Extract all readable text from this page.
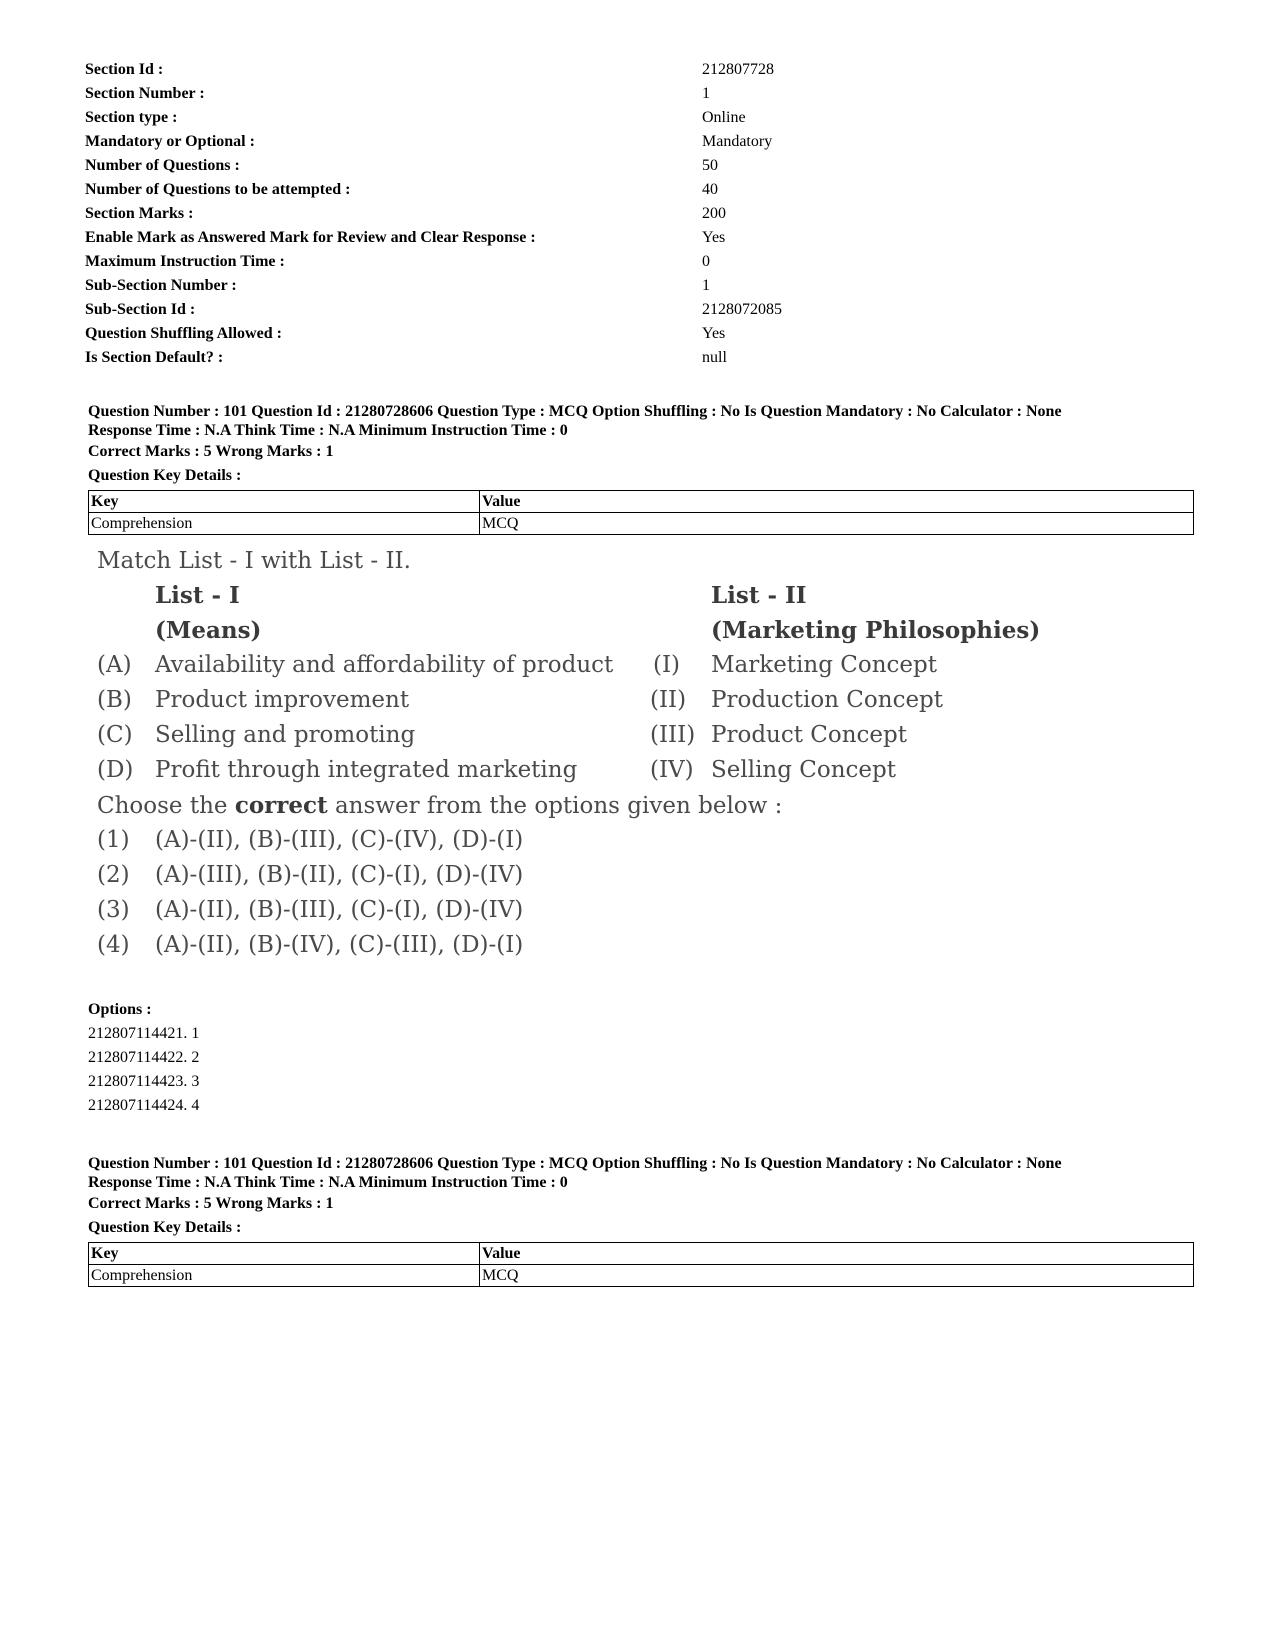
Section Id :	212807728
Section Number :	1
Section type :	Online
Mandatory or Optional :	Mandatory
Number of Questions :	50
Number of Questions to be attempted :	40
Section Marks :	200
Enable Mark as Answered Mark for Review and Clear Response :	Yes
Maximum Instruction Time :	0
Sub-Section Number :	1
Sub-Section Id :	2128072085
Question Shuffling Allowed :	Yes
Is Section Default? :	null
Question Number : 101 Question Id : 21280728606 Question Type : MCQ Option Shuffling : No Is Question Mandatory : No Calculator : None
Response Time : N.A Think Time : N.A Minimum Instruction Time : 0
Correct Marks : 5 Wrong Marks : 1
Question Key Details :
Key	Value
Comprehension	MCQ
Match List - I with List - II.
List - I	List - II
(Means)	(Marketing Philosophies)
(A) Availability and affordability of product (I) Marketing Concept
(B) Product improvement	(II) Production Concept
(C) Selling and promoting	(III) Product Concept
(D) Profit through integrated marketing	(IV) Selling Concept
Choose the correct answer from the options given below :
(1) (A)-(II), (B)-(III), (C)-(IV), (D)-(I)
(2) (A)-(III), (B)-(II), (C)-(I), (D)-(IV)
(3) (A)-(II), (B)-(III), (C)-(I), (D)-(IV)
(4) (A)-(II), (B)-(IV), (C)-(III), (D)-(I)
Options :
212807114421. 1
212807114422. 2
212807114423. 3
212807114424. 4
Question Number : 101 Question Id : 21280728606 Question Type : MCQ Option Shuffling : No Is Question Mandatory : No Calculator : None
Response Time : N.A Think Time : N.A Minimum Instruction Time : 0
Correct Marks : 5 Wrong Marks : 1
Question Key Details :
Key	Value
Comprehension	MCQ
